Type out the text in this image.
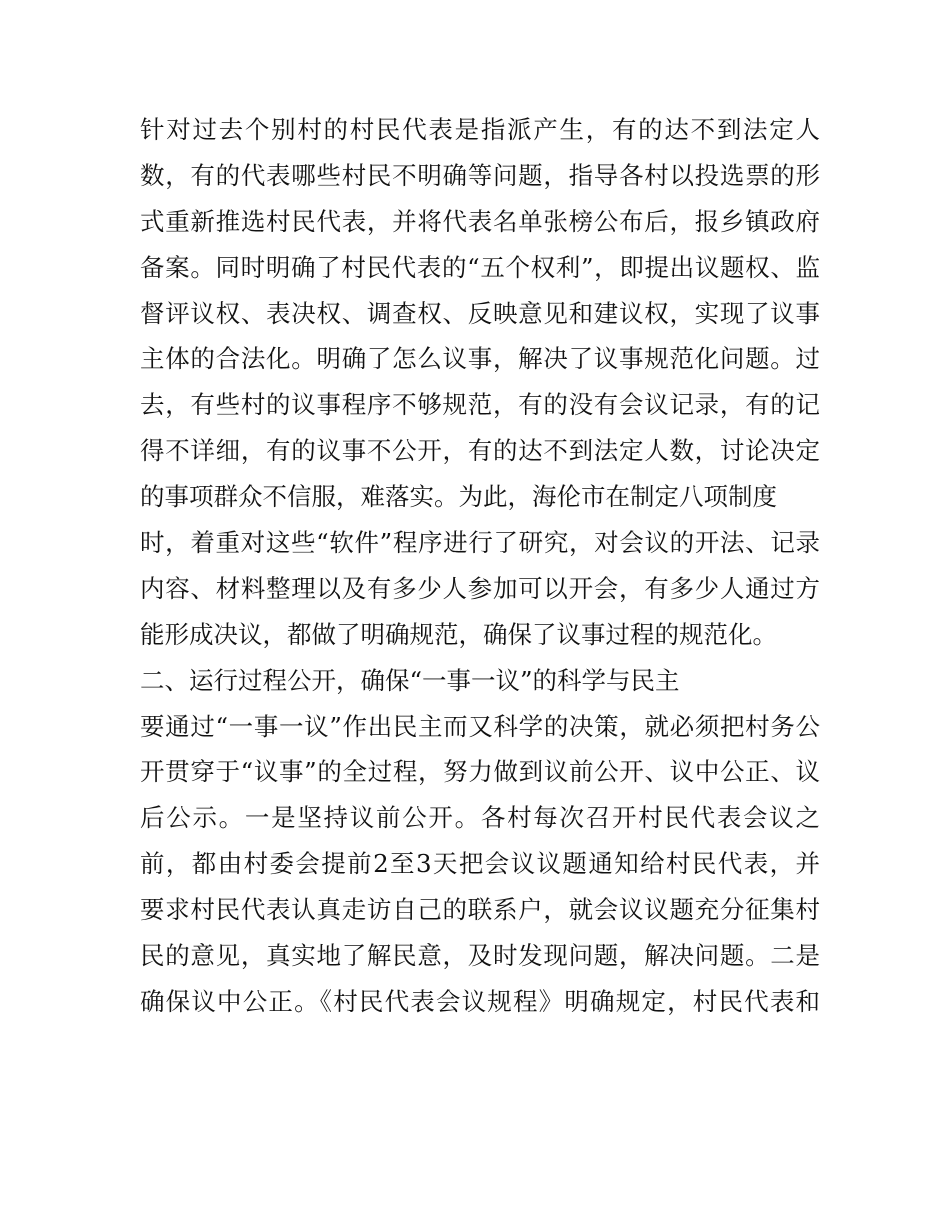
针对过去个别村的村民代表是指派产生，有的达不到法定人
数，有的代表哪些村民不明确等问题，指导各村以投选票的形
式重新推选村民代表，并将代表名单张榜公布后，报乡镇政府
备案。同时明确了村民代表的“五个权利”，即提出议题权、监
督评议权、表决权、调查权、反映意见和建议权，实现了议事
主体的合法化。明确了怎么议事，解决了议事规范化问题。过
去，有些村的议事程序不够规范，有的没有会议记录，有的记
得不详细，有的议事不公开，有的达不到法定人数，讨论决定
的事项群众不信服，难落实。为此，海伦市在制定八项制度
时，着重对这些“软件”程序进行了研究，对会议的开法、记录
内容、材料整理以及有多少人参加可以开会，有多少人通过方
能形成决议，都做了明确规范，确保了议事过程的规范化。
二、运行过程公开，确保“一事一议”的科学与民主
要通过“一事一议”作出民主而又科学的决策，就必须把村务公
开贯穿于“议事”的全过程，努力做到议前公开、议中公正、议
后公示。一是坚持议前公开。各村每次召开村民代表会议之
前，都由村委会提前2至3天把会议议题通知给村民代表，并
要求村民代表认真走访自己的联系户，就会议议题充分征集村
民的意见，真实地了解民意，及时发现问题，解决问题。二是
确保议中公正。《村民代表会议规程》明确规定，村民代表和
